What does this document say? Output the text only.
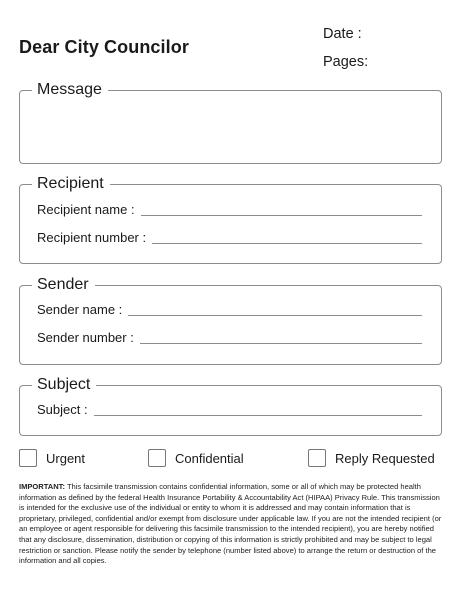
Dear City Councilor
Date :
Pages:
Message
Recipient
Recipient name :
Recipient number :
Sender
Sender name :
Sender number :
Subject
Subject :
Urgent	Confidential	Reply Requested
IMPORTANT: This facsimile transmission contains confidential information, some or all of which may be protected health information as defined by the federal Health Insurance Portability & Accountability Act (HIPAA) Privacy Rule. This transmission is intended for the exclusive use of the individual or entity to whom it is addressed and may contain information that is proprietary, privileged, confidential and/or exempt from disclosure under applicable law. If you are not the intended recipient (or an employee or agent responsible for delivering this facsimile transmission to the intended recipient), you are hereby notified that any disclosure, dissemination, distribution or copying of this information is strictly prohibited and may be subject to legal restriction or sanction. Please notify the sender by telephone (number listed above) to arrange the return or destruction of the information and all copies.
